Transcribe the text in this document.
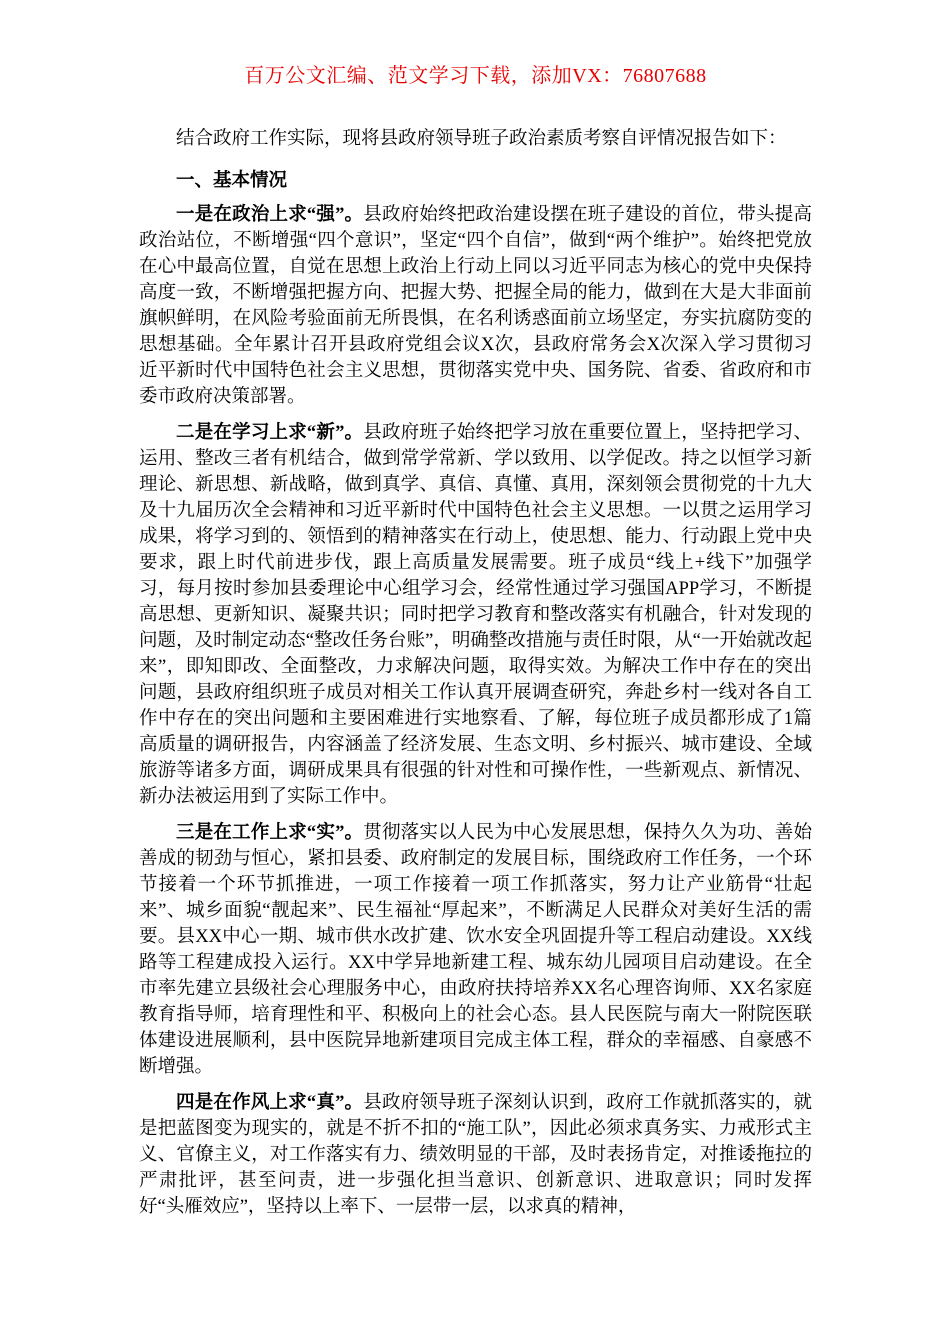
百万公文汇编、范文学习下载，添加VX：76807688

结合政府工作实际，现将县政府领导班子政治素质考察自评情况报告如下：

一、基本情况

一是在政治上求“强”。县政府始终把政治建设摆在班子建设的首位，带头提高政治站位，不断增强“四个意识”，坚定“四个自信”，做到“两个维护”。始终把党放在心中最高位置，自觉在思想上政治上行动上同以习近平同志为核心的党中央保持高度一致，不断增强把握方向、把握大势、把握全局的能力，做到在大是大非面前旗帜鲜明，在风险考验面前无所畏惧，在名利诱惑面前立场坚定，夯实抗腐防变的思想基础。全年累计召开县政府党组会议X次，县政府常务会X次深入学习贯彻习近平新时代中国特色社会主义思想，贯彻落实党中央、国务院、省委、省政府和市委市政府决策部署。

二是在学习上求“新”。县政府班子始终把学习放在重要位置上，坚持把学习、运用、整改三者有机结合，做到常学常新、学以致用、以学促改。持之以恒学习新理论、新思想、新战略，做到真学、真信、真懂、真用，深刻领会贯彻党的十九大及十九届历次全会精神和习近平新时代中国特色社会主义思想。一以贯之运用学习成果，将学习到的、领悟到的精神落实在行动上，使思想、能力、行动跟上党中央要求，跟上时代前进步伐，跟上高质量发展需要。班子成员“线上+线下”加强学习，每月按时参加县委理论中心组学习会，经常性通过学习强国APP学习，不断提高思想、更新知识、凝聚共识；同时把学习教育和整改落实有机融合，针对发现的问题，及时制定动态“整改任务台账”，明确整改措施与责任时限，从“一开始就改起来”，即知即改、全面整改，力求解决问题，取得实效。为解决工作中存在的突出问题，县政府组织班子成员对相关工作认真开展调查研究，奔赴乡村一线对各自工作中存在的突出问题和主要困难进行实地察看、了解，每位班子成员都形成了1篇高质量的调研报告，内容涵盖了经济发展、生态文明、乡村振兴、城市建设、全域旅游等诸多方面，调研成果具有很强的针对性和可操作性，一些新观点、新情况、新办法被运用到了实际工作中。

三是在工作上求“实”。贯彻落实以人民为中心发展思想，保持久久为功、善始善成的韧劲与恒心，紧扣县委、政府制定的发展目标，围绕政府工作任务，一个环节接着一个环节抓推进，一项工作接着一项工作抓落实，努力让产业筋骨“壮起来”、城乡面貌“靓起来”、民生福祉“厚起来”，不断满足人民群众对美好生活的需要。县XX中心一期、城市供水改扩建、饮水安全巩固提升等工程启动建设。XX线路等工程建成投入运行。XX中学异地新建工程、城东幼儿园项目启动建设。在全市率先建立县级社会心理服务中心，由政府扶持培养XX名心理咨询师、XX名家庭教育指导师，培育理性和平、积极向上的社会心态。县人民医院与南大一附院医联体建设进展顺利，县中医院异地新建项目完成主体工程，群众的幸福感、自豪感不断增强。

四是在作风上求“真”。县政府领导班子深刻认识到，政府工作就抓落实的，就是把蓝图变为现实的，就是不折不扣的“施工队”，因此必须求真务实、力戒形式主义、官僚主义，对工作落实有力、绩效明显的干部，及时表扬肯定，对推诿拖拉的严肃批评，甚至问责，进一步强化担当意识、创新意识、进取意识；同时发挥好“头雁效应”，坚持以上率下、一层带一层，以求真的精神，
